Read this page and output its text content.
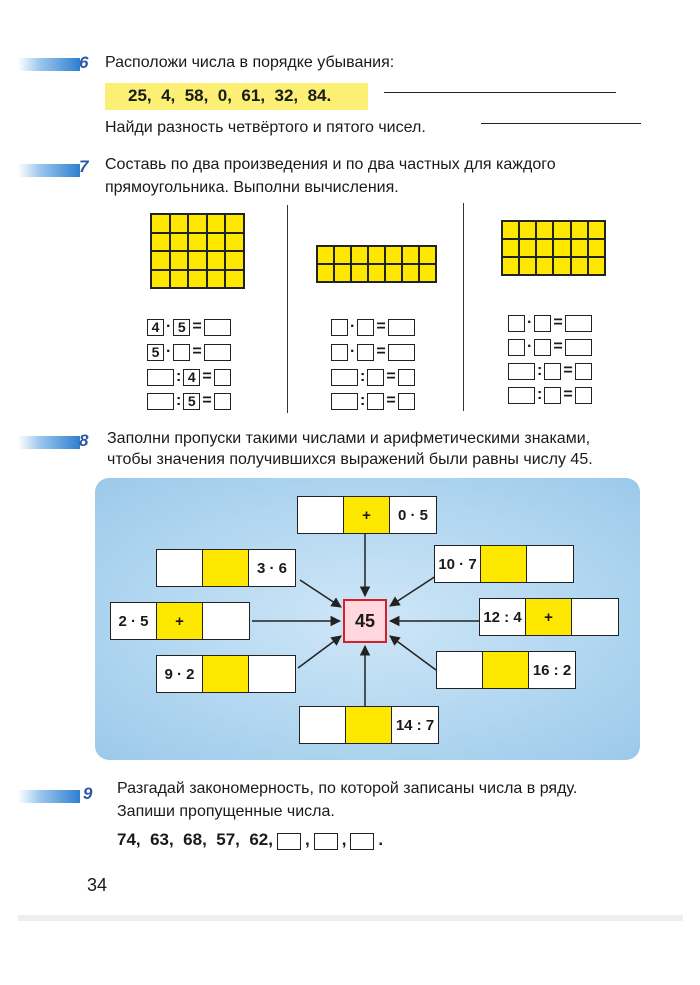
6 Расположи числа в порядке убывания:
25,  4,  58,  0,  61,  32,  84.
Найди разность четвёртого и пятого чисел.
7 Составь по два произведения и по два частных для каждого
прямоугольника. Выполни вычисления.
4 · 5 =
5 · =
: 4 =
: 5 =
· =
· =
: =
: =
· =
· =
: =
: =
8 Заполни пропуски такими числами и арифметическими знаками,
чтобы значения получившихся выражений были равны числу 45.
45
+	0 · 5
3 · 6
2 · 5	+
9 · 2
14 : 7
10 · 7
12 : 4	+
16 : 2
9 Разгадай закономерность, по которой записаны числа в ряду.
Запиши пропущенные числа.
74,  63,  68,  57,  62, , , .
34
